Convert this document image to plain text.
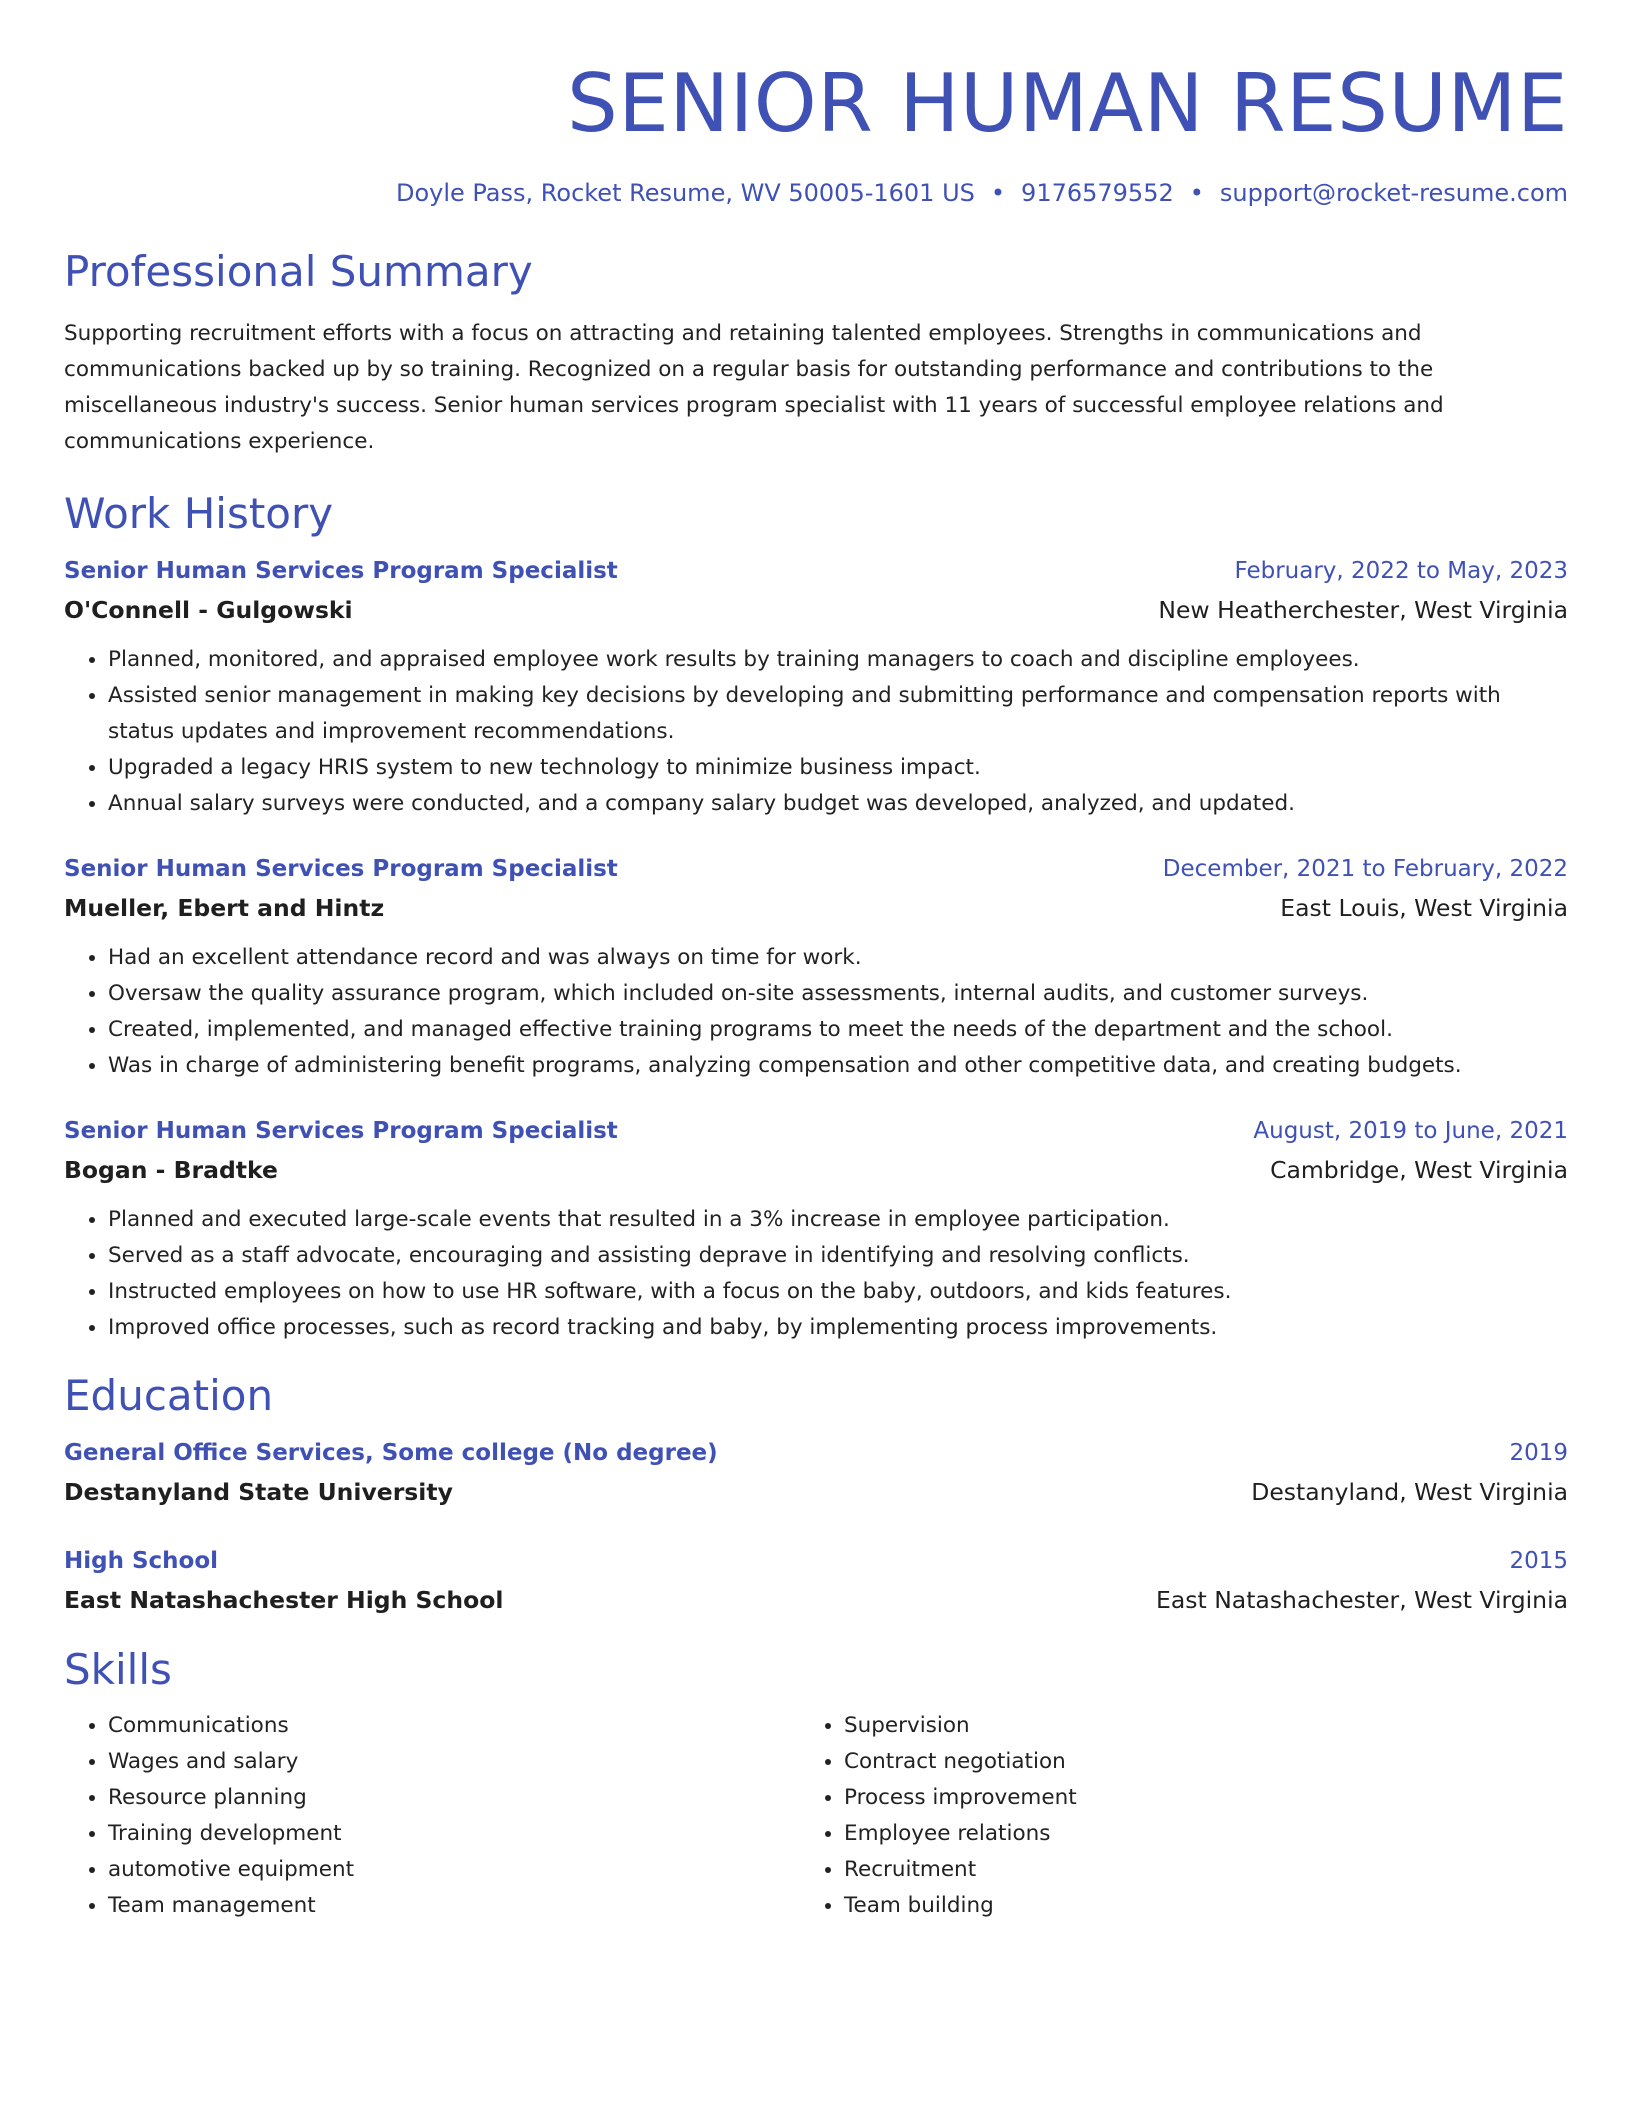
SENIOR HUMAN RESUME
Doyle Pass, Rocket Resume, WV 50005-1601 US • 9176579552 • support@rocket-resume.com
Professional Summary
Supporting recruitment efforts with a focus on attracting and retaining talented employees. Strengths in communications and communications backed up by so training. Recognized on a regular basis for outstanding performance and contributions to the miscellaneous industry's success. Senior human services program specialist with 11 years of successful employee relations and communications experience.
Work History
Senior Human Services Program Specialist	February, 2022 to May, 2023
O'Connell - Gulgowski	New Heatherchester, West Virginia
• Planned, monitored, and appraised employee work results by training managers to coach and discipline employees.
• Assisted senior management in making key decisions by developing and submitting performance and compensation reports with status updates and improvement recommendations.
• Upgraded a legacy HRIS system to new technology to minimize business impact.
• Annual salary surveys were conducted, and a company salary budget was developed, analyzed, and updated.
Senior Human Services Program Specialist	December, 2021 to February, 2022
Mueller, Ebert and Hintz	East Louis, West Virginia
• Had an excellent attendance record and was always on time for work.
• Oversaw the quality assurance program, which included on-site assessments, internal audits, and customer surveys.
• Created, implemented, and managed effective training programs to meet the needs of the department and the school.
• Was in charge of administering benefit programs, analyzing compensation and other competitive data, and creating budgets.
Senior Human Services Program Specialist	August, 2019 to June, 2021
Bogan - Bradtke	Cambridge, West Virginia
• Planned and executed large-scale events that resulted in a 3% increase in employee participation.
• Served as a staff advocate, encouraging and assisting deprave in identifying and resolving conflicts.
• Instructed employees on how to use HR software, with a focus on the baby, outdoors, and kids features.
• Improved office processes, such as record tracking and baby, by implementing process improvements.
Education
General Office Services, Some college (No degree)	2019
Destanyland State University	Destanyland, West Virginia
High School	2015
East Natashachester High School	East Natashachester, West Virginia
Skills
• Communications
• Wages and salary
• Resource planning
• Training development
• automotive equipment
• Team management
• Supervision
• Contract negotiation
• Process improvement
• Employee relations
• Recruitment
• Team building
